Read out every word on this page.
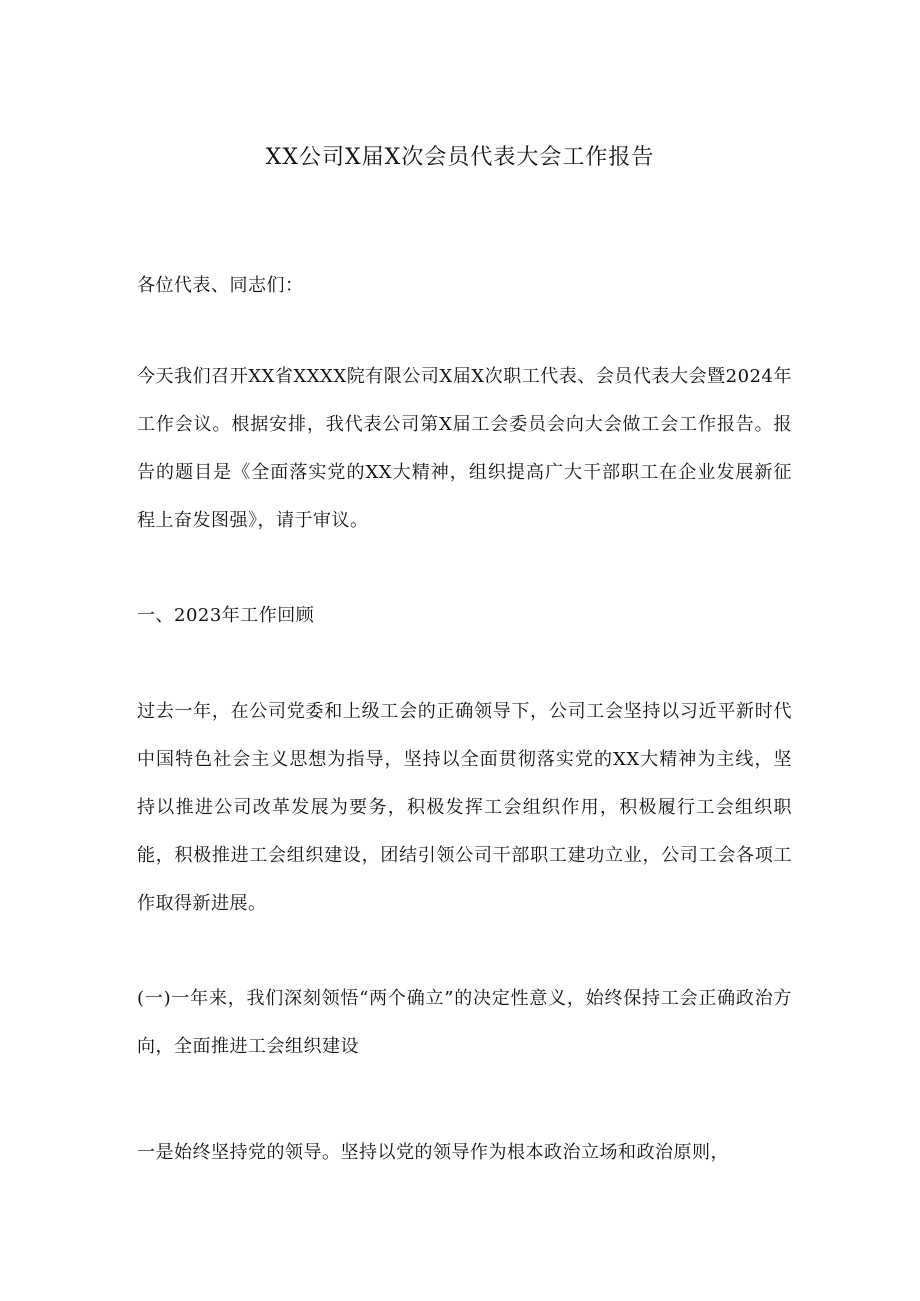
XX公司X届X次会员代表大会工作报告
各位代表、同志们：
今天我们召开XX省XXXX院有限公司X届X次职工代表、会员代表大会暨2024年工作会议。根据安排，我代表公司第X届工会委员会向大会做工会工作报告。报告的题目是《全面落实党的XX大精神，组织提高广大干部职工在企业发展新征程上奋发图强》，请于审议。
一、2023年工作回顾
过去一年，在公司党委和上级工会的正确领导下，公司工会坚持以习近平新时代中国特色社会主义思想为指导，坚持以全面贯彻落实党的XX大精神为主线，坚持以推进公司改革发展为要务，积极发挥工会组织作用，积极履行工会组织职能，积极推进工会组织建设，团结引领公司干部职工建功立业，公司工会各项工作取得新进展。
(一)一年来，我们深刻领悟“两个确立”的决定性意义，始终保持工会正确政治方向，全面推进工会组织建设
一是始终坚持党的领导。坚持以党的领导作为根本政治立场和政治原则，
